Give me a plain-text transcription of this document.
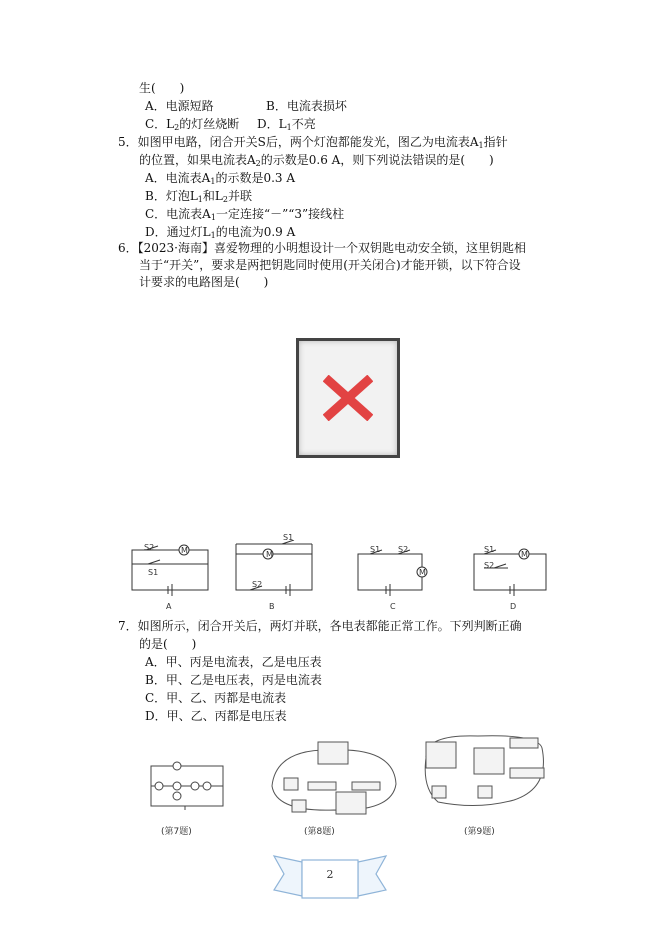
生(　　)
A．电源短路	B．电流表损坏
C．$L_2$的灯丝烧断 D．$L_1$不亮
5．如图甲电路，闭合开关S后，两个灯泡都能发光，图乙为电流表$A_1$指针
的位置，如果电流表$A_2$的示数是0.6 A，则下列说法错误的是(　　)
A．电流表$A_1$的示数是0.3 A
B．灯泡$L_1$和$L_2$并联
C．电流表$A_1$一定连接“－”“3”接线柱
D．通过灯$L_1$的电流为0.9 A
6．【2023·海南】喜爱物理的小明想设计一个双钥匙电动安全锁，这里钥匙相
当于“开关”，要求是两把钥匙同时使用(开关闭合)才能开锁，以下符合设
计要求的电路图是(　　)
S2
S1
M	M
S1
S2
S1 S2
M
S1
S2
M
A	B	C	D
7．如图所示，闭合开关后，两灯并联，各电表都能正常工作。下列判断正确
的是(　　)
A．甲、丙是电流表，乙是电压表
B．甲、乙是电压表，丙是电流表
C．甲、乙、丙都是电流表
D．甲、乙、丙都是电压表
(第7题)	(第8题)	(第9题)
2
